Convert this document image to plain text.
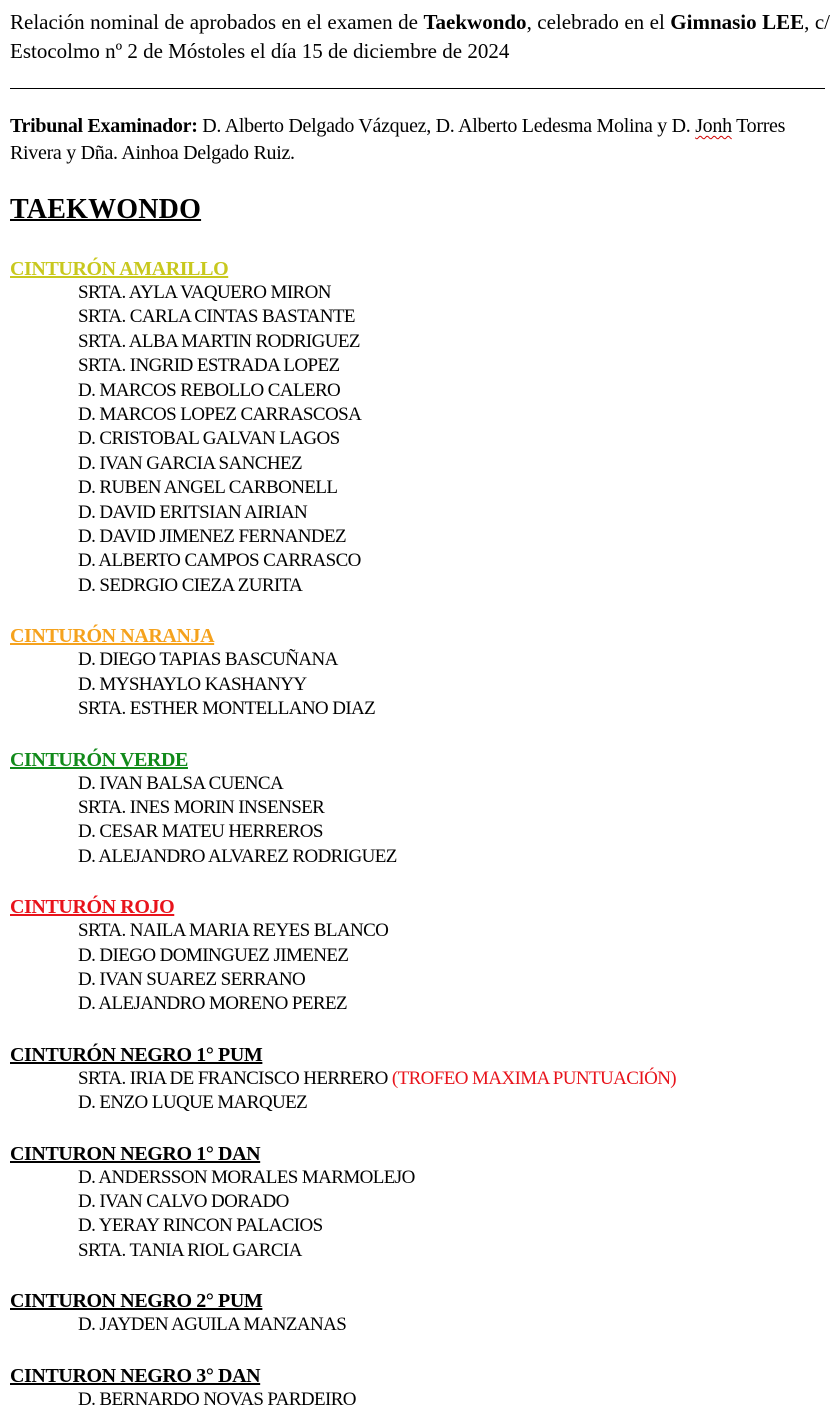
Relación nominal de aprobados en el examen de Taekwondo, celebrado en el Gimnasio LEE, c/ Estocolmo nº 2 de Móstoles el día 15 de diciembre de 2024

Tribunal Examinador: D. Alberto Delgado Vázquez, D. Alberto Ledesma Molina y D. Jonh Torres Rivera y Dña. Ainhoa Delgado Ruiz.

TAEKWONDO
CINTURÓN AMARILLO
SRTA. AYLA VAQUERO MIRON
SRTA. CARLA CINTAS BASTANTE
SRTA. ALBA MARTIN RODRIGUEZ
SRTA. INGRID ESTRADA LOPEZ
D. MARCOS REBOLLO CALERO
D. MARCOS LOPEZ CARRASCOSA
D. CRISTOBAL GALVAN LAGOS
D. IVAN GARCIA SANCHEZ
D. RUBEN ANGEL CARBONELL
D. DAVID ERITSIAN AIRIAN
D. DAVID JIMENEZ FERNANDEZ
D. ALBERTO CAMPOS CARRASCO
D. SEDRGIO CIEZA ZURITA
CINTURÓN NARANJA
D. DIEGO TAPIAS BASCUÑANA
D. MYSHAYLO KASHANYY
SRTA. ESTHER MONTELLANO DIAZ
CINTURÓN VERDE
D. IVAN BALSA CUENCA
SRTA. INES MORIN INSENSER
D. CESAR MATEU HERREROS
D. ALEJANDRO ALVAREZ RODRIGUEZ
CINTURÓN ROJO
SRTA. NAILA MARIA REYES BLANCO
D. DIEGO DOMINGUEZ JIMENEZ
D. IVAN SUAREZ SERRANO
D. ALEJANDRO MORENO PEREZ
CINTURÓN NEGRO 1° PUM
SRTA. IRIA DE FRANCISCO HERRERO (TROFEO MAXIMA PUNTUACIÓN)
D. ENZO LUQUE MARQUEZ
CINTURON NEGRO 1° DAN
D. ANDERSSON MORALES MARMOLEJO
D. IVAN CALVO DORADO
D. YERAY RINCON PALACIOS
SRTA. TANIA RIOL GARCIA
CINTURON NEGRO 2° PUM
D. JAYDEN AGUILA MANZANAS
CINTURON NEGRO 3° DAN
D. BERNARDO NOVAS PARDEIRO
